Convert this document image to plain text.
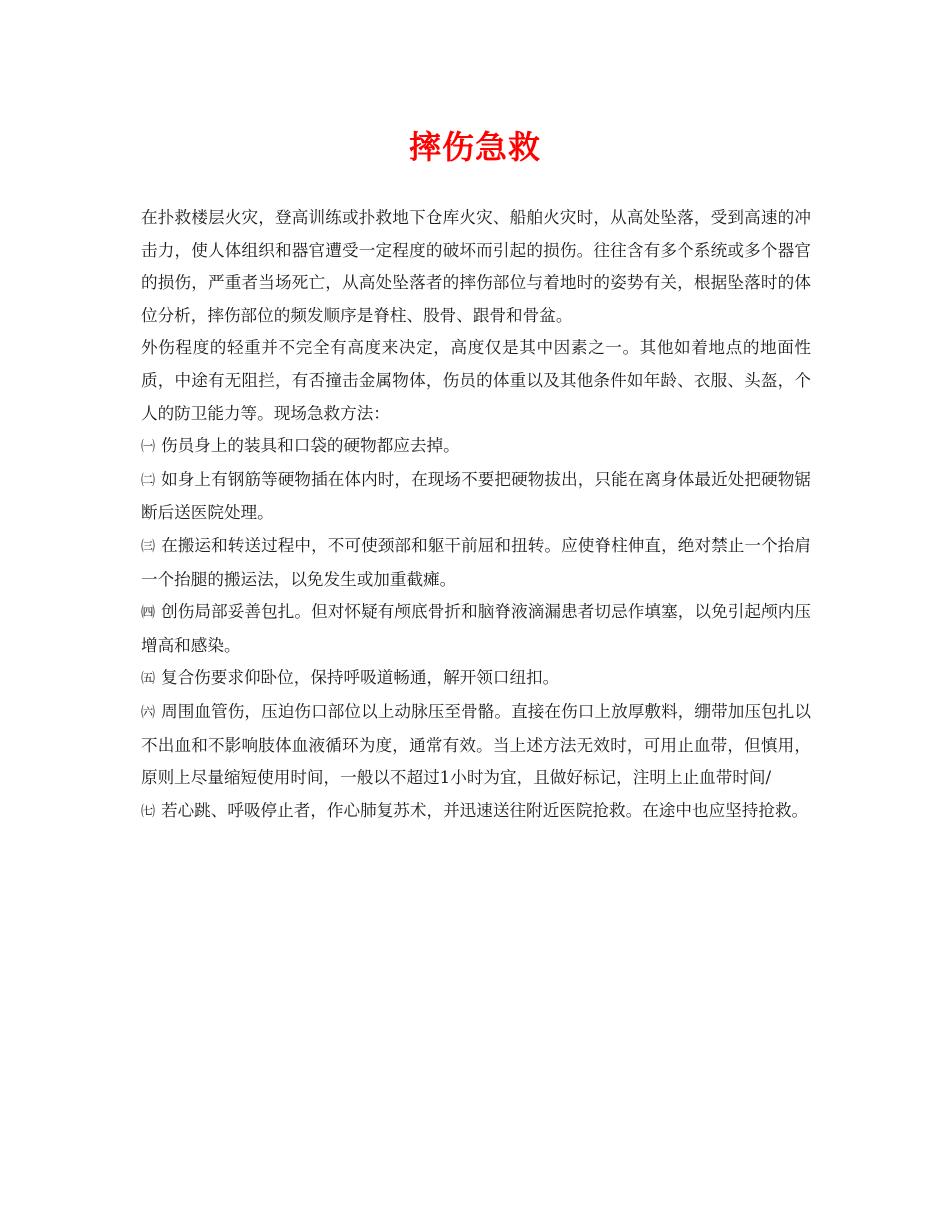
摔伤急救

在扑救楼层火灾，登高训练或扑救地下仓库火灾、船舶火灾时，从高处坠落，受到高速的冲击力，使人体组织和器官遭受一定程度的破坏而引起的损伤。往往含有多个系统或多个器官的损伤，严重者当场死亡，从高处坠落者的摔伤部位与着地时的姿势有关，根据坠落时的体位分析，摔伤部位的频发顺序是脊柱、股骨、跟骨和骨盆。

外伤程度的轻重并不完全有高度来决定，高度仅是其中因素之一。其他如着地点的地面性质，中途有无阻拦，有否撞击金属物体，伤员的体重以及其他条件如年龄、衣服、头盔，个人的防卫能力等。现场急救方法：

㈠ 伤员身上的装具和口袋的硬物都应去掉。

㈡ 如身上有钢筋等硬物插在体内时，在现场不要把硬物拔出，只能在离身体最近处把硬物锯断后送医院处理。

㈢ 在搬运和转送过程中，不可使颈部和躯干前屈和扭转。应使脊柱伸直，绝对禁止一个抬肩一个抬腿的搬运法，以免发生或加重截瘫。

㈣ 创伤局部妥善包扎。但对怀疑有颅底骨折和脑脊液滴漏患者切忌作填塞，以免引起颅内压增高和感染。

㈤ 复合伤要求仰卧位，保持呼吸道畅通，解开领口纽扣。

㈥ 周围血管伤，压迫伤口部位以上动脉压至骨骼。直接在伤口上放厚敷料，绷带加压包扎以不出血和不影响肢体血液循环为度，通常有效。当上述方法无效时，可用止血带，但慎用，原则上尽量缩短使用时间，一般以不超过1小时为宜，且做好标记，注明上止血带时间/

㈦ 若心跳、呼吸停止者，作心肺复苏术，并迅速送往附近医院抢救。在途中也应坚持抢救。
